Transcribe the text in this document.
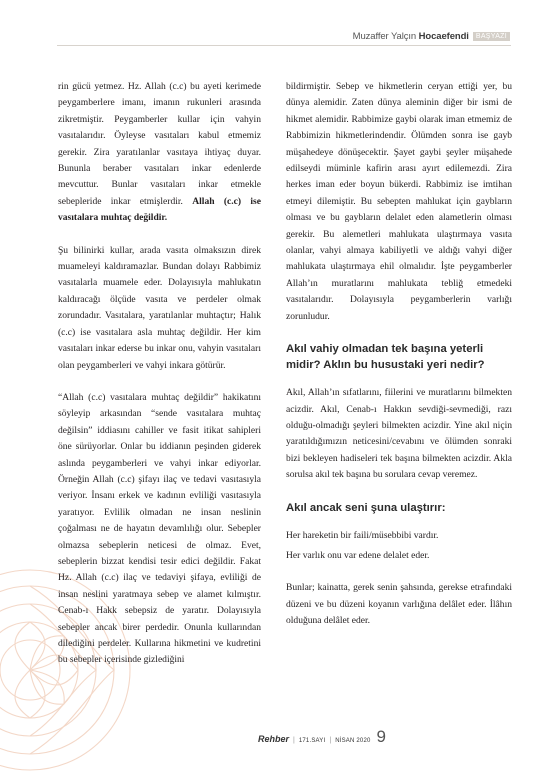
Muzaffer Yalçın Hocaefendi	BAŞYAZI

rin gücü yetmez. Hz. Allah (c.c) bu ayeti kerimede peygamberlere imanı, imanın rukunleri arasında zikretmiştir. Peygamberler kullar için vahyin vasıtalarıdır. Öyleyse vasıtaları kabul etmemiz gerekir. Zira yaratılanlar vasıtaya ihtiyaç duyar. Bununla beraber vasıtaları inkar edenlerde mevcuttur. Bunlar vasıtaları inkar etmekle sebepleride inkar etmişlerdir. Allah (c.c) ise vasıtalara muhtaç değildir.

Şu bilinirki kullar, arada vasıta olmaksızın direk muameleyi kaldıramazlar. Bundan dolayı Rabbimiz vasıtalarla muamele eder. Dolayısıyla mahlukatın kaldıracağı ölçüde vasıta ve perdeler olmak zorundadır. Vasıtalara, yaratılanlar muhtaçtır; Halık (c.c) ise vasıtalara asla muhtaç değildir. Her kim vasıtaları inkar ederse bu inkar onu, vahyin vasıtaları olan peygamberleri ve vahyi inkara götürür.

“Allah (c.c) vasıtalara muhtaç değildir” hakikatını söyleyip arkasından “sende vasıtalara muhtaç değilsin” iddiasını cahiller ve fasit itikat sahipleri öne sürüyorlar. Onlar bu iddianın peşinden giderek aslında peygamberleri ve vahyi inkar ediyorlar. Örneğin Allah (c.c) şifayı ilaç ve tedavi vasıtasıyla veriyor. İnsanı erkek ve kadının evliliği vasıtasıyla yaratıyor. Evlilik olmadan ne insan neslinin çoğalması ne de hayatın devamlılığı olur. Sebepler olmazsa sebeplerin neticesi de olmaz. Evet, sebeplerin bizzat kendisi tesir edici değildir. Fakat Hz. Allah (c.c) ilaç ve tedaviyi şifaya, evliliği de insan neslini yaratmaya sebep ve alamet kılmıştır. Cenab-ı Hakk sebepsiz de yaratır. Dolayısıyla sebepler ancak birer perdedir. Onunla kullarından dilediğini perdeler. Kullarına hikmetini ve kudretini bu sebepler içerisinde gizlediğini

bildirmiştir. Sebep ve hikmetlerin ceryan ettiği yer, bu dünya alemidir. Zaten dünya aleminin diğer bir ismi de hikmet alemidir. Rabbimize gaybi olarak iman etmemiz de Rabbimizin hikmetlerindendir. Ölümden sonra ise gayb müşahedeye dönüşecektir. Şayet gaybi şeyler müşahede edilseydi müminle kafirin arası ayırt edilemezdi. Zira herkes iman eder boyun bükerdi. Rabbimiz ise imtihan etmeyi dilemiştir. Bu sebepten mahlukat için gaybların olması ve bu gaybların delalet eden alametlerin olması gerekir. Bu alemetleri mahlukata ulaştırmaya vasıta olanlar, vahyi almaya kabiliyetli ve aldığı vahyi diğer mahlukata ulaştırmaya ehil olmalıdır. İşte peygamberler Allah’ın muratlarını mahlukata tebliğ etmedeki vasıtalarıdır. Dolayısıyla peygamberlerin varlığı zorunludur.

Akıl vahiy olmadan tek başına yeterli midir? Aklın bu husustaki yeri nedir?

Akıl, Allah’ın sıfatlarını, fiilerini ve muratlarını bilmekten acizdir. Akıl, Cenab-ı Hakkın sevdiği-sevmediği, razı olduğu-olmadığı şeyleri bilmekten acizdir. Yine akıl niçin yaratıldığımızın neticesini/cevabını ve ölümden sonraki bizi bekleyen hadiseleri tek başına bilmekten acizdir. Akla sorulsa akıl tek başına bu sorulara cevap veremez.

Akıl ancak seni şuna ulaştırır:

Her hareketin bir faili/müsebbibi vardır.

Her varlık onu var edene delalet eder.

Bunlar; kainatta, gerek senin şahsında, gerekse etrafındaki düzeni ve bu düzeni koyanın varlığına delâlet eder. İlâhın olduğuna delâlet eder.

Rehber | 171.SAYI | NİSAN 2020 9
